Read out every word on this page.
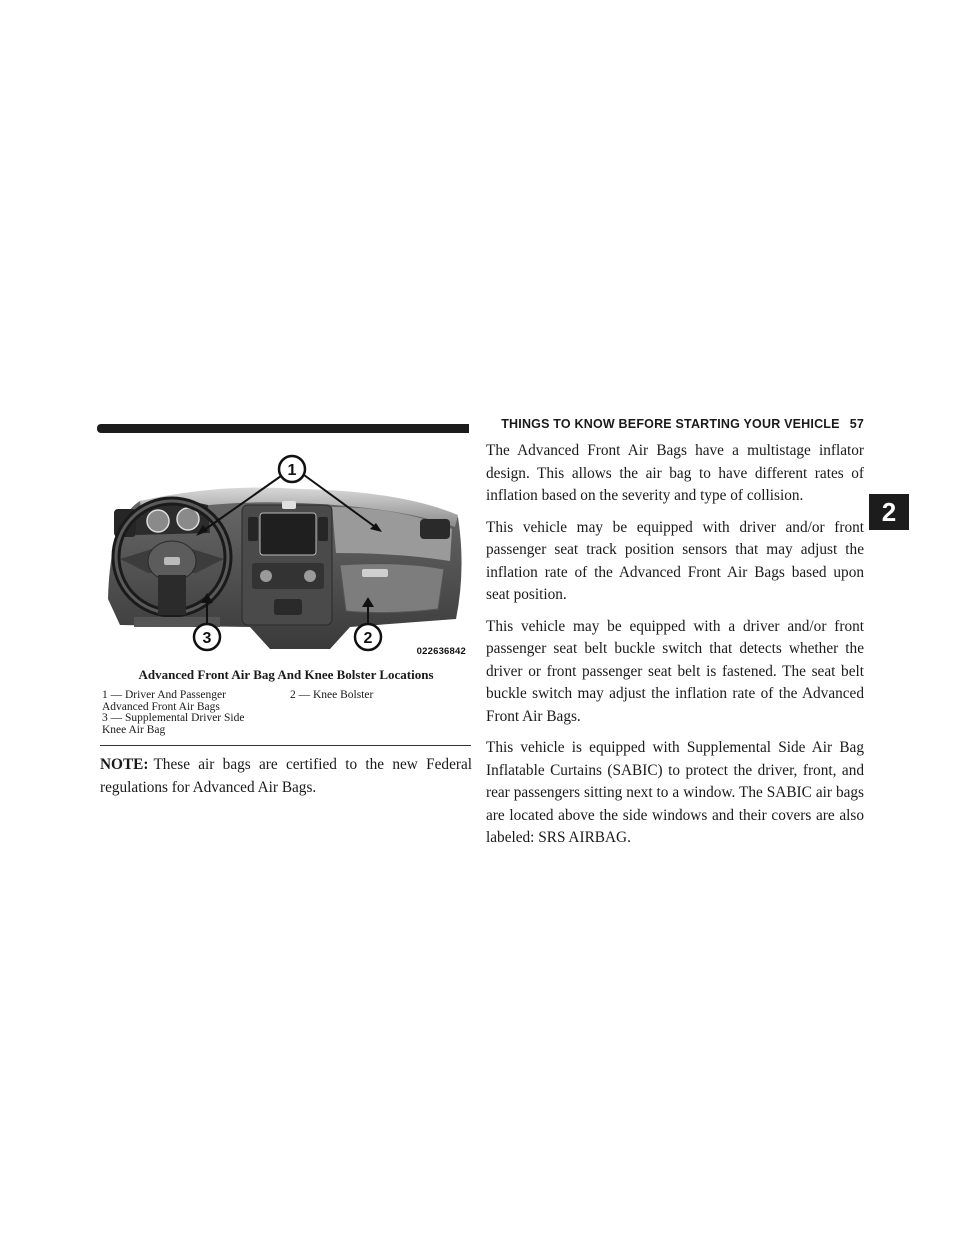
THINGS TO KNOW BEFORE STARTING YOUR VEHICLE 57
2
1
3	2
022636842
Advanced Front Air Bag And Knee Bolster Locations
1 — Driver And Passenger
Advanced Front Air Bags
3 — Supplemental Driver Side
Knee Air Bag
2 — Knee Bolster
NOTE: These air bags are certified to the new Federal regulations for Advanced Air Bags.

The Advanced Front Air Bags have a multistage inflator design. This allows the air bag to have different rates of inflation based on the severity and type of collision.

This vehicle may be equipped with driver and/or front passenger seat track position sensors that may adjust the inflation rate of the Advanced Front Air Bags based upon seat position.

This vehicle may be equipped with a driver and/or front passenger seat belt buckle switch that detects whether the driver or front passenger seat belt is fastened. The seat belt buckle switch may adjust the inflation rate of the Advanced Front Air Bags.

This vehicle is equipped with Supplemental Side Air Bag Inflatable Curtains (SABIC) to protect the driver, front, and rear passengers sitting next to a window. The SABIC air bags are located above the side windows and their covers are also labeled: SRS AIRBAG.
